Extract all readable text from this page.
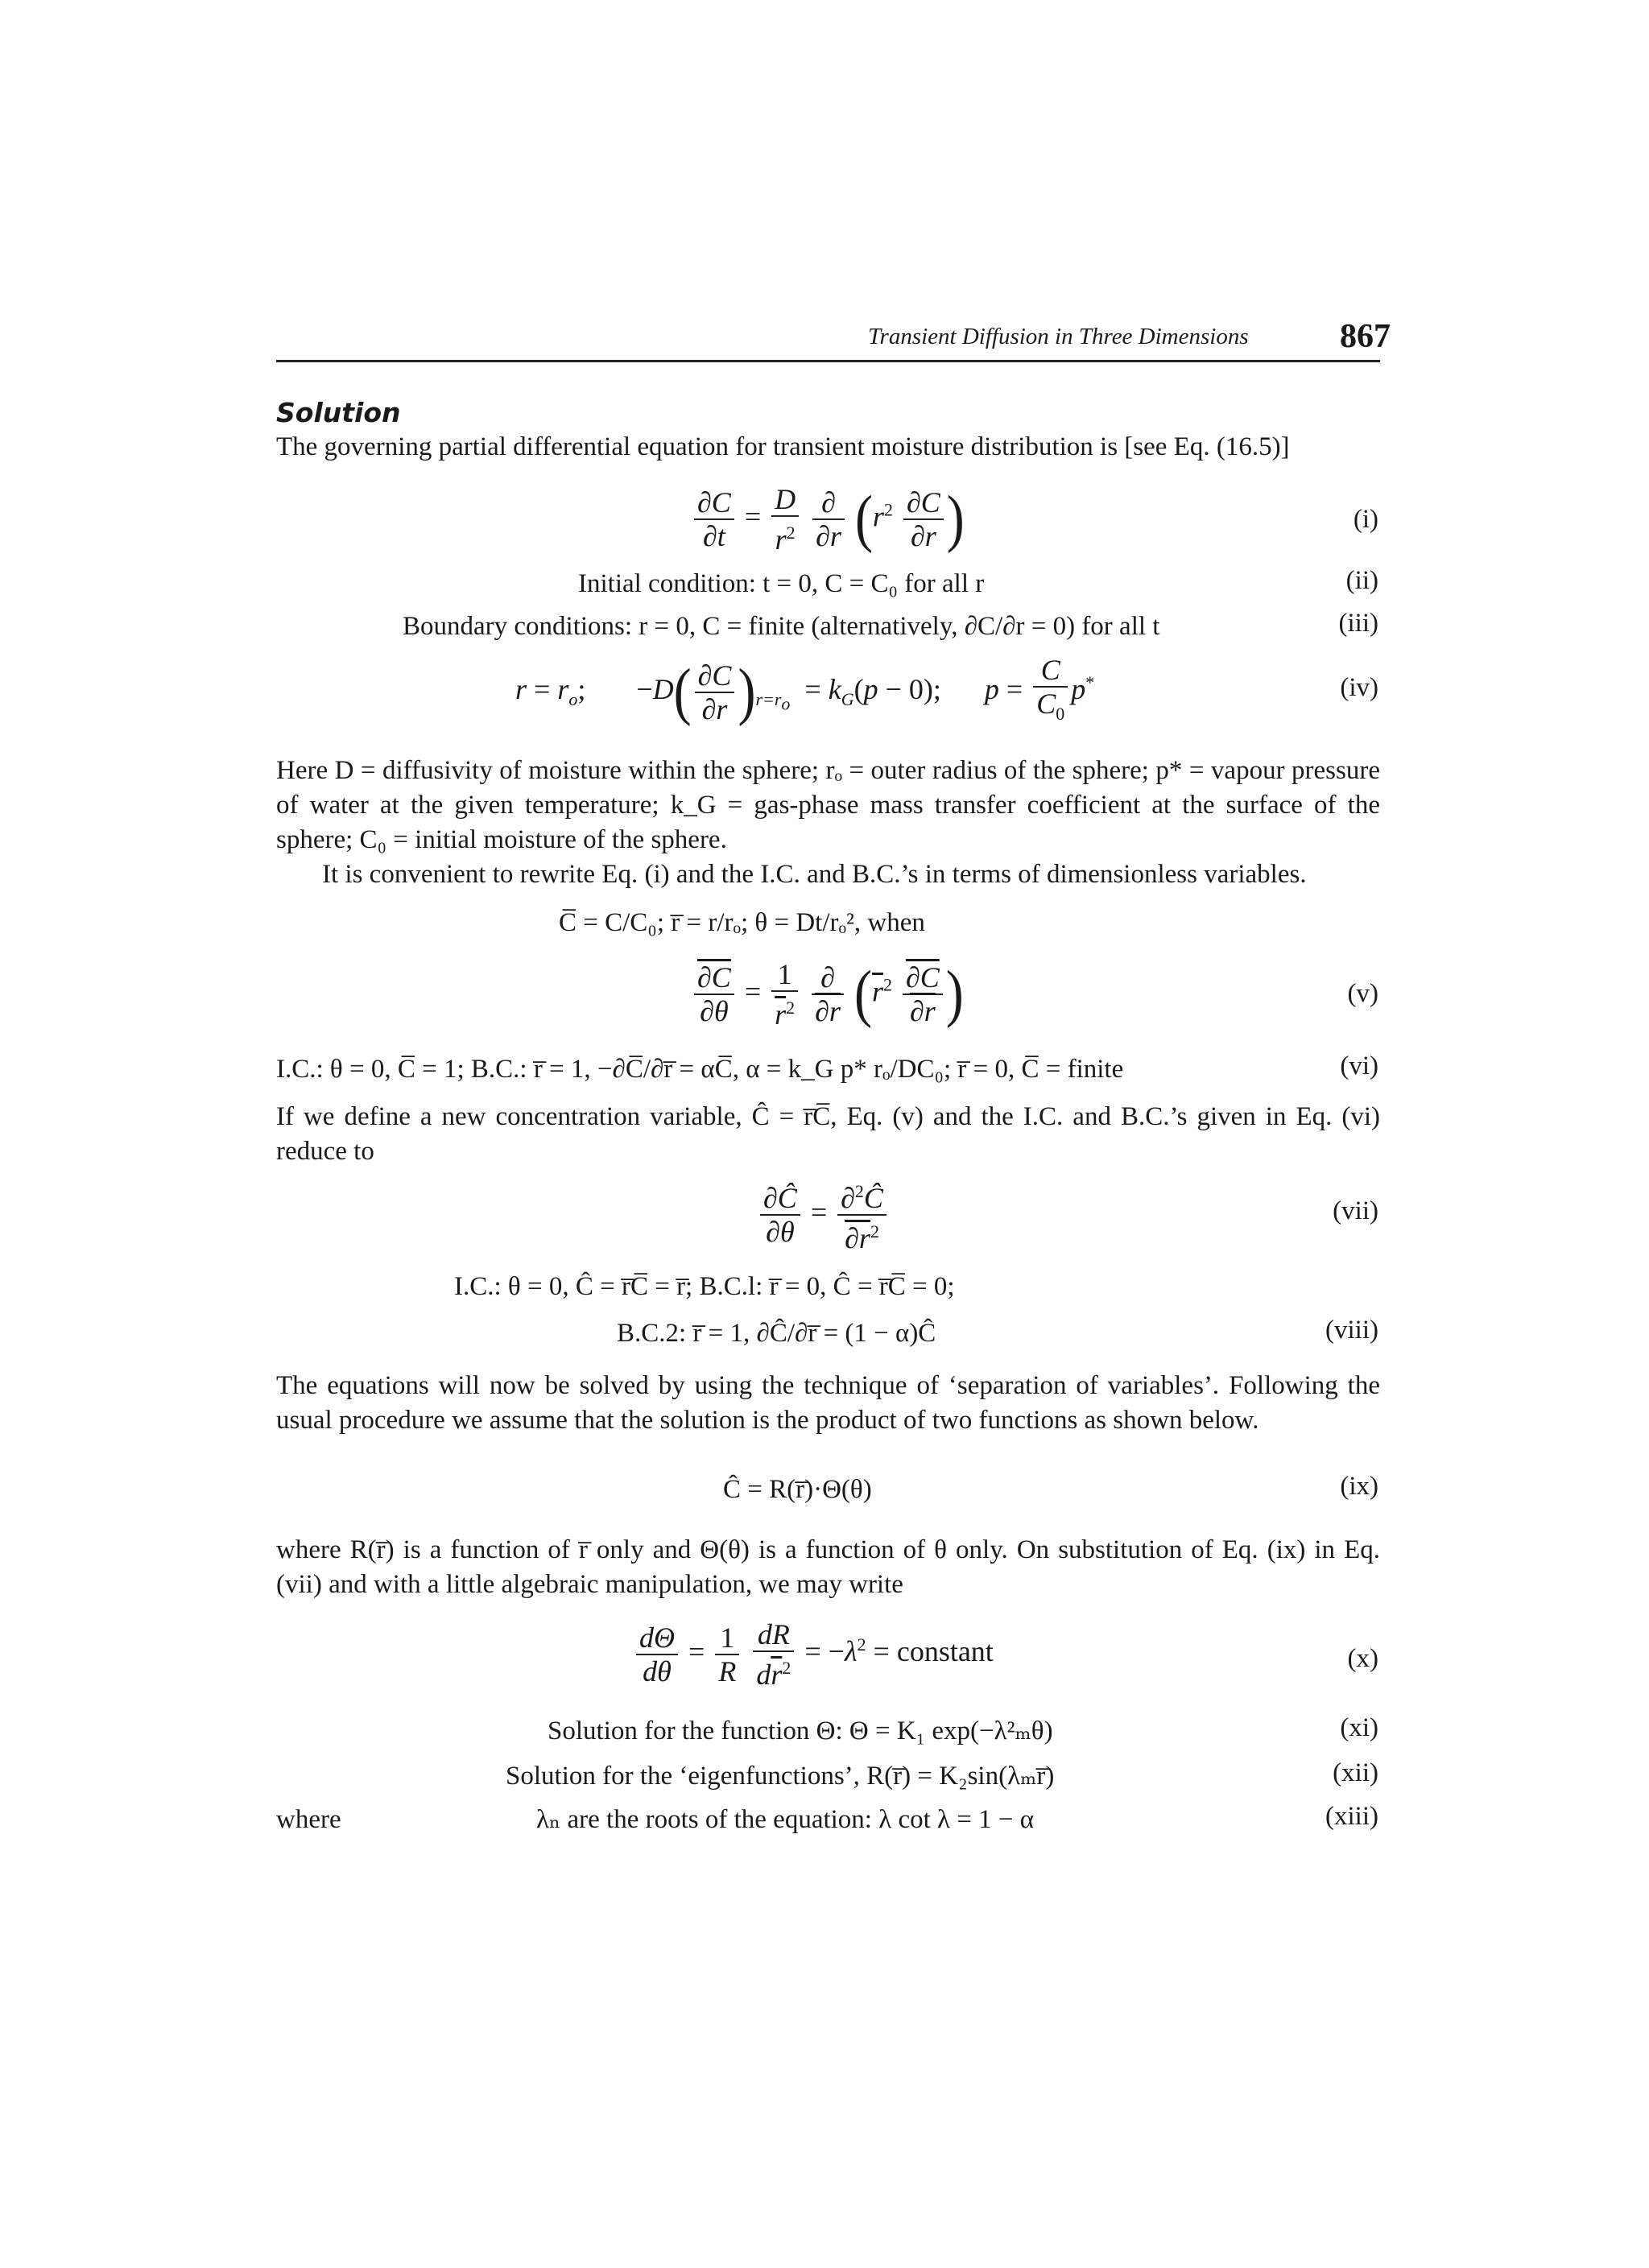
Transient Diffusion in Three Dimensions	867
Solution
The governing partial differential equation for transient moisture distribution is [see Eq. (16.5)]
$\frac{\partial C}{\partial t} = \frac{D}{r^2}$
$\frac{\partial}{\partial r} (r^2 \frac{\partial C}{\partial r}$ )	(i)
Initial condition: t = 0, C = C₀ for all r	(ii)
Boundary conditions: r = 0, C = finite (alternatively, ∂C/∂r = 0) for all t	(iii)
$r = r_o$;       $-D( \frac{\partial C}{\partial r} )_{r=r_o} = k_G(p - 0)$;      $p = \frac{C}{C_0} p^*$	(iv)
Here D = diffusivity of moisture within the sphere; rₒ = outer radius of the sphere; p* = vapour pressure of water at the given temperature; k_G = gas-phase mass transfer coefficient at the surface of the sphere; C₀ = initial moisture of the sphere.
It is convenient to rewrite Eq. (i) and the I.C. and B.C.’s in terms of dimensionless variables.
C̅ = C/C₀; r̅ = r/rₒ; θ = Dt/rₒ², when
$\frac{\partial C}{\partial\theta} = \frac{1}{\overline{r}^2}$
$\frac{\partial}{\partial r} (\overline{r}^2 \frac{\partial C}{\partial r}$ )	(v)
I.C.: θ = 0, C̅ = 1; B.C.: r̅ = 1, −∂C̅/∂r̅ = αC̅, α = k_G p* rₒ/DC₀; r̅ = 0, C̅ = finite	(vi)
If we define a new concentration variable, Ĉ = r̅C̅, Eq. (v) and the I.C. and B.C.’s given in Eq. (vi) reduce to
$\frac{\partial Ĉ}{\partial\theta} = \frac{\partial^2Ĉ}{\partial r^2}$	(vii)
I.C.: θ = 0, Ĉ = r̅C̅ = r̅; B.C.l: r̅ = 0, Ĉ = r̅C̅ = 0;
B.C.2: r̅ = 1, ∂Ĉ/∂r̅ = (1 − α)Ĉ	(viii)
The equations will now be solved by using the technique of ‘separation of variables’. Following the usual procedure we assume that the solution is the product of two functions as shown below.
Ĉ = R(r̅)·Θ(θ)	(ix)
where R(r̅) is a function of r̅ only and Θ(θ) is a function of θ only. On substitution of Eq. (ix) in Eq. (vii) and with a little algebraic manipulation, we may write
$\frac{d\Theta}{d\theta} = \frac{1}{R}$
$\frac{dR}{d\overline{r}^2} = -\lambda^2$ = constant	(x)
Solution for the function Θ: Θ = K₁ exp(−λ²ₘθ)	(xi)
Solution for the ‘eigenfunctions’, R(r̅) = K₂sin(λₘr̅)	(xii)
where	λₙ are the roots of the equation: λ cot λ = 1 − α	(xiii)
